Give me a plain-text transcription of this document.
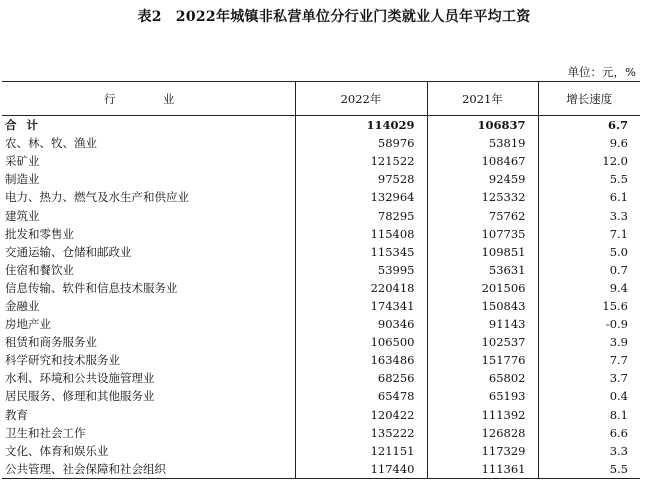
表2 2022年城镇非私营单位分行业门类就业人员年平均工资
单位：元，%
行　业	2022年	2021年	增长速度
合计	114029	106837	6.7
农、林、牧、渔业	58976	53819	9.6
采矿业	121522	108467	12.0
制造业	97528	92459	5.5
电力、热力、燃气及水生产和供应业	132964	125332	6.1
建筑业	78295	75762	3.3
批发和零售业	115408	107735	7.1
交通运输、仓储和邮政业	115345	109851	5.0
住宿和餐饮业	53995	53631	0.7
信息传输、软件和信息技术服务业	220418	201506	9.4
金融业	174341	150843	15.6
房地产业	90346	91143	-0.9
租赁和商务服务业	106500	102537	3.9
科学研究和技术服务业	163486	151776	7.7
水利、环境和公共设施管理业	68256	65802	3.7
居民服务、修理和其他服务业	65478	65193	0.4
教育	120422	111392	8.1
卫生和社会工作	135222	126828	6.6
文化、体育和娱乐业	121151	117329	3.3
公共管理、社会保障和社会组织	117440	111361	5.5
